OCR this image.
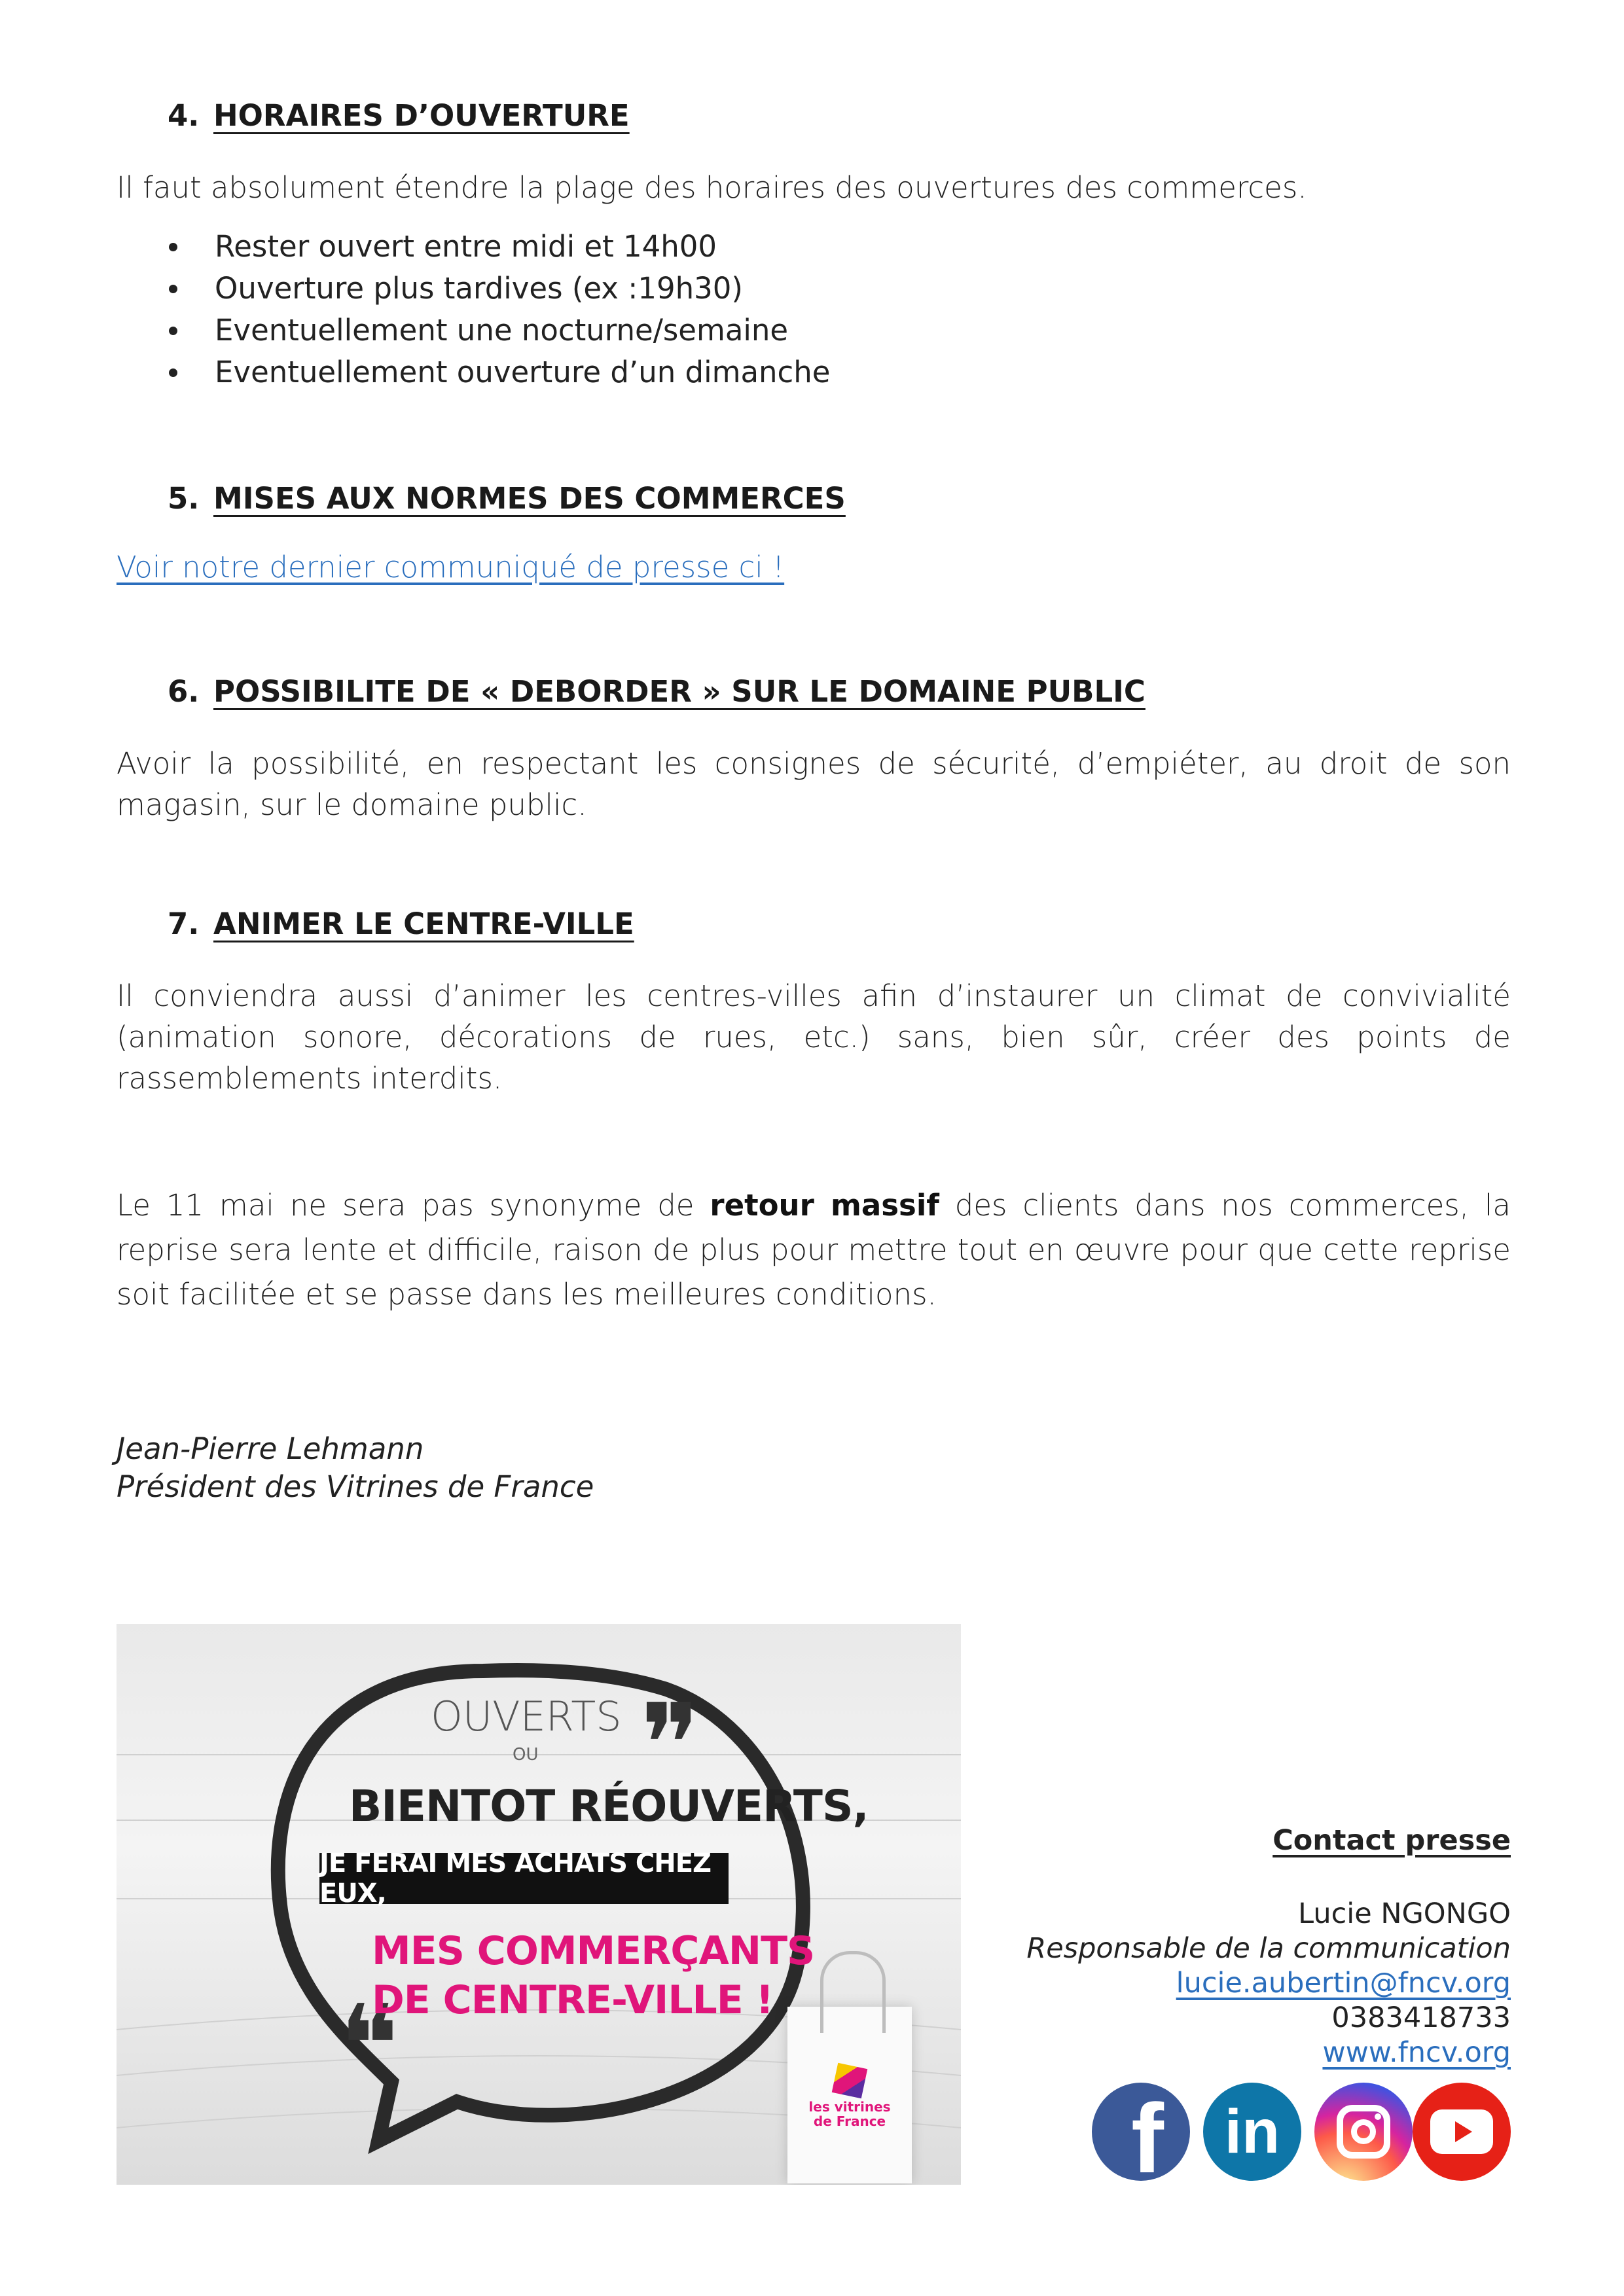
4. HORAIRES D’OUVERTURE
Il faut absolument étendre la plage des horaires des ouvertures des commerces.
Rester ouvert entre midi et 14h00
Ouverture plus tardives (ex :19h30)
Eventuellement une nocturne/semaine
Eventuellement ouverture d’un dimanche
5. MISES AUX NORMES DES COMMERCES
Voir notre dernier communiqué de presse ci !
6. POSSIBILITE DE « DEBORDER » SUR LE DOMAINE PUBLIC
Avoir la possibilité, en respectant les consignes de sécurité, d’empiéter, au droit de son magasin, sur le domaine public.
7. ANIMER LE CENTRE-VILLE
Il conviendra aussi d’animer les centres-villes afin d’instaurer un climat de convivialité (animation sonore, décorations de rues, etc.) sans, bien sûr, créer des points de rassemblements interdits.
Le 11 mai ne sera pas synonyme de retour massif des clients dans nos commerces, la reprise sera lente et difficile, raison de plus pour mettre tout en œuvre pour que cette reprise soit facilitée et se passe dans les meilleures conditions.
Jean-Pierre Lehmann
Président des Vitrines de France
❞
❝
OUVERTS
OU
BIENTOT RÉOUVERTS,
JE FERAI MES ACHATS CHEZ EUX,
MES COMMERÇANTS
DE CENTRE-VILLE !
les vitrines de France
Contact presse
Lucie NGONGO
Responsable de la communication
lucie.aubertin@fncv.org
0383418733
www.fncv.org
f in
